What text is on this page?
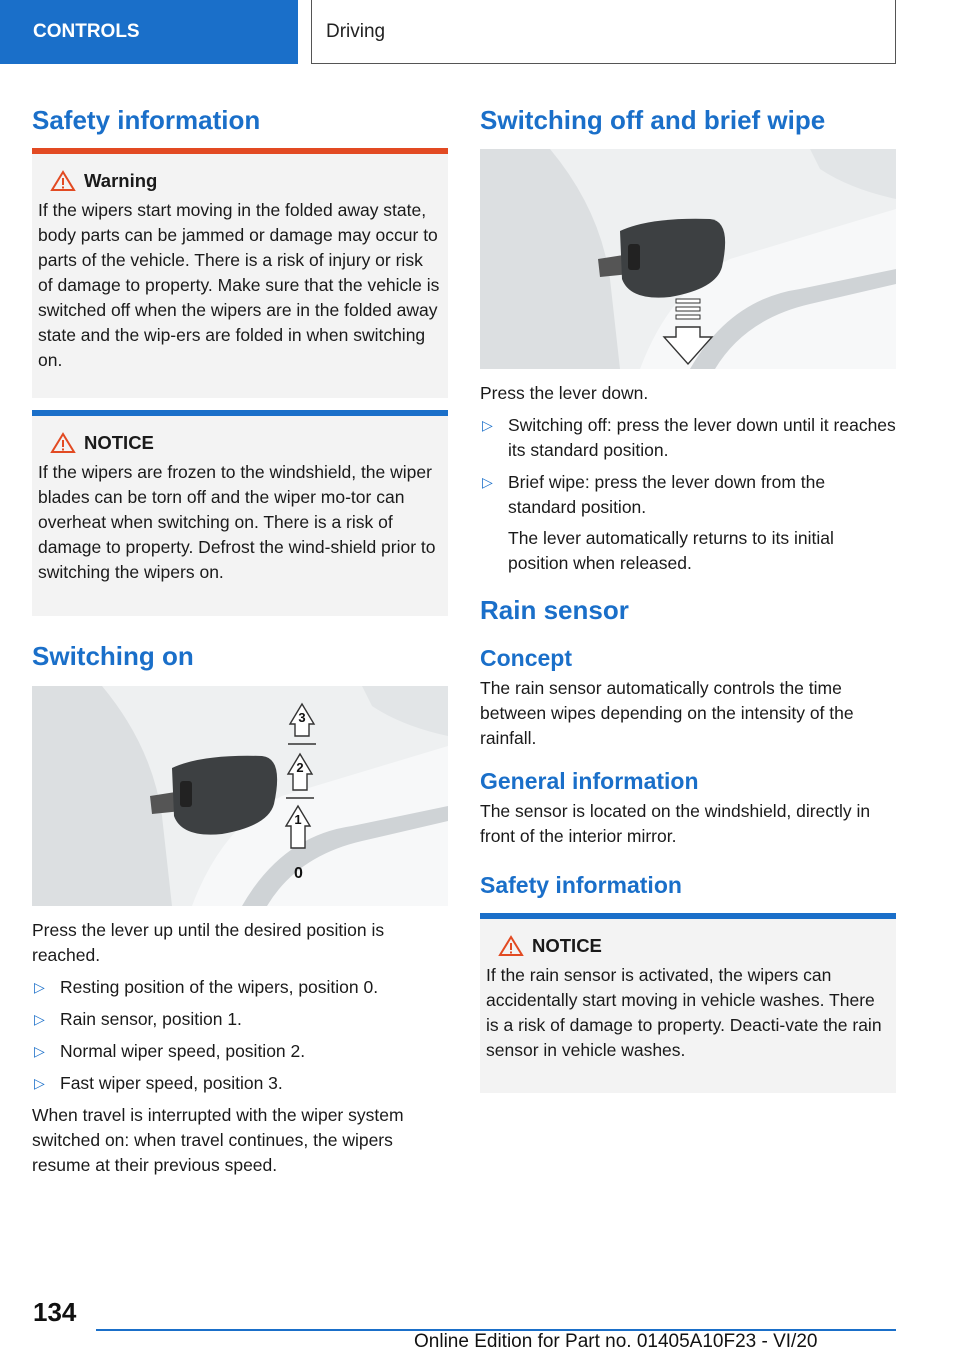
CONTROLS	Driving
Safety information
Warning

If the wipers start moving in the folded away state, body parts can be jammed or damage may occur to parts of the vehicle. There is a risk of injury or risk of damage to property. Make sure that the vehicle is switched off when the wipers are in the folded away state and the wip-ers are folded in when switching on.

NOTICE

If the wipers are frozen to the windshield, the wiper blades can be torn off and the wiper mo-tor can overheat when switching on. There is a risk of damage to property. Defrost the wind-shield prior to switching the wipers on.

Switching on
3
2
1
0

Press the lever up until the desired position is reached.

▷ Resting position of the wipers, position 0.
▷ Rain sensor, position 1.
▷ Normal wiper speed, position 2.
▷ Fast wiper speed, position 3.

When travel is interrupted with the wiper system switched on: when travel continues, the wipers resume at their previous speed.

Switching off and brief wipe

Press the lever down.

▷ Switching off: press the lever down until it reaches its standard position.
▷ Brief wipe: press the lever down from the standard position.

The lever automatically returns to its initial position when released.

Rain sensor
Concept

The rain sensor automatically controls the time between wipes depending on the intensity of the rainfall.

General information

The sensor is located on the windshield, directly in front of the interior mirror.

Safety information
NOTICE

If the rain sensor is activated, the wipers can accidentally start moving in vehicle washes. There is a risk of damage to property. Deacti-vate the rain sensor in vehicle washes.

134
Online Edition for Part no. 01405A10F23 - VI/20
